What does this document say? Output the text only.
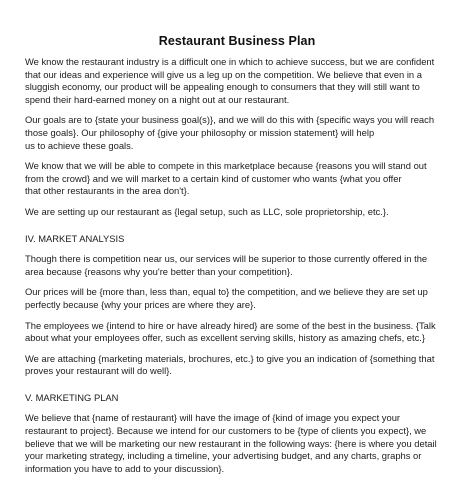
Restaurant Business Plan

We know the restaurant industry is a difficult one in which to achieve success, but we are confident
that our ideas and experience will give us a leg up on the competition. We believe that even in a
sluggish economy, our product will be appealing enough to consumers that they will still want to
spend their hard-earned money on a night out at our restaurant.

Our goals are to {state your business goal(s)}, and we will do this with {specific ways you will reach
those goals}. Our philosophy of {give your philosophy or mission statement} will help
us to achieve these goals.

We know that we will be able to compete in this marketplace because {reasons you will stand out
from the crowd} and we will market to a certain kind of customer who wants {what you offer
that other restaurants in the area don't}.

We are setting up our restaurant as {legal setup, such as LLC, sole proprietorship, etc.}.

IV. MARKET ANALYSIS

Though there is competition near us, our services will be superior to those currently offered in the
area because {reasons why you're better than your competition}.

Our prices will be {more than, less than, equal to} the competition, and we believe they are set up
perfectly because {why your prices are where they are}.

The employees we {intend to hire or have already hired} are some of the best in the business. {Talk
about what your employees offer, such as excellent serving skills, history as amazing chefs, etc.}

We are attaching {marketing materials, brochures, etc.} to give you an indication of {something that
proves your restaurant will do well}.

V. MARKETING PLAN

We believe that {name of restaurant} will have the image of {kind of image you expect your
restaurant to project}. Because we intend for our customers to be {type of clients you expect}, we
believe that we will be marketing our new restaurant in the following ways: {here is where you detail
your marketing strategy, including a timeline, your advertising budget, and any charts, graphs or
information you have to add to your discussion}.
